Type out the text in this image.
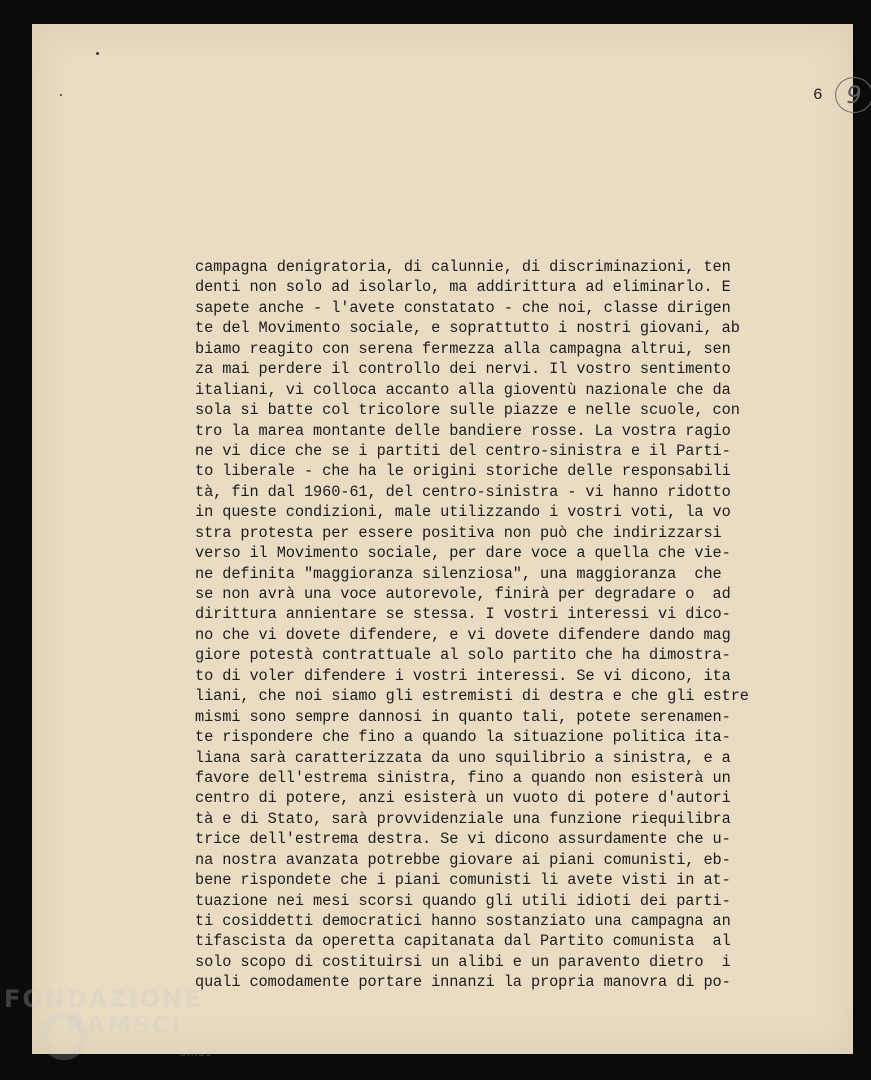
6 9
campagna denigratoria, di calunnie, di discriminazioni, ten
denti non solo ad isolarlo, ma addirittura ad eliminarlo. E
sapete anche - l'avete constatato - che noi, classe dirigen
te del Movimento sociale, e soprattutto i nostri giovani, ab
biamo reagito con serena fermezza alla campagna altrui, sen
za mai perdere il controllo dei nervi. Il vostro sentimento
italiani, vi colloca accanto alla gioventù nazionale che da
sola si batte col tricolore sulle piazze e nelle scuole, con
tro la marea montante delle bandiere rosse. La vostra ragio
ne vi dice che se i partiti del centro-sinistra e il Parti-
to liberale - che ha le origini storiche delle responsabili
tà, fin dal 1960-61, del centro-sinistra - vi hanno ridotto
in queste condizioni, male utilizzando i vostri voti, la vo
stra protesta per essere positiva non può che indirizzarsi
verso il Movimento sociale, per dare voce a quella che vie-
ne definita "maggioranza silenziosa", una maggioranza  che
se non avrà una voce autorevole, finirà per degradare o  ad
dirittura annientare se stessa. I vostri interessi vi dico-
no che vi dovete difendere, e vi dovete difendere dando mag
giore potestà contrattuale al solo partito che ha dimostra-
to di voler difendere i vostri interessi. Se vi dicono, ita
liani, che noi siamo gli estremisti di destra e che gli estre
mismi sono sempre dannosi in quanto tali, potete serenamen-
te rispondere che fino a quando la situazione politica ita-
liana sarà caratterizzata da uno squilibrio a sinistra, e a
favore dell'estrema sinistra, fino a quando non esisterà un
centro di potere, anzi esisterà un vuoto di potere d'autori
tà e di Stato, sarà provvidenziale una funzione riequilibra
trice dell'estrema destra. Se vi dicono assurdamente che u-
na nostra avanzata potrebbe giovare ai piani comunisti, eb-
bene rispondete che i piani comunisti li avete visti in at-
tuazione nei mesi scorsi quando gli utili idioti dei parti-
ti cosiddetti democratici hanno sostanziato una campagna an
tifascista da operetta capitanata dal Partito comunista  al
solo scopo di costituirsi un alibi e un paravento dietro  i
quali comodamente portare innanzi la propria manovra di po-
FONDAZIONE
RAMSCI
onlus
